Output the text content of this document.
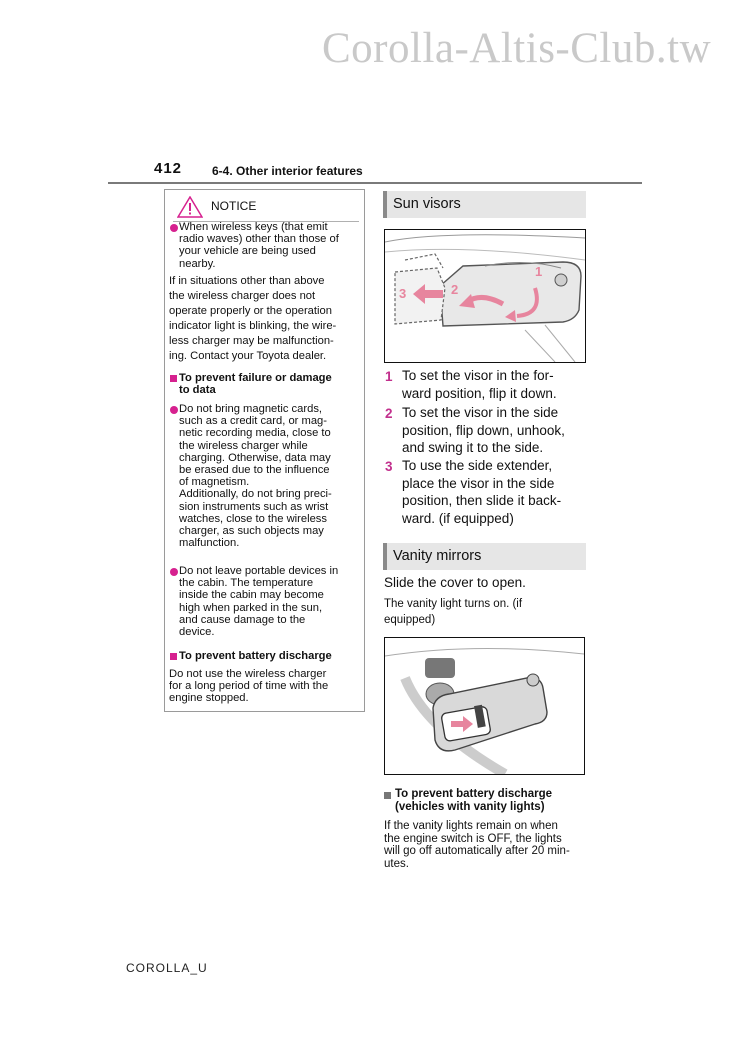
Corolla-Altis-Club.tw
412 6-4. Other interior features
NOTICE
When wireless keys (that emit
radio waves) other than those of
your vehicle are being used
nearby.
If in situations other than above
the wireless charger does not
operate properly or the operation
indicator light is blinking, the wire-
less charger may be malfunction-
ing. Contact your Toyota dealer.
To prevent failure or damage
to data
Do not bring magnetic cards,
such as a credit card, or mag-
netic recording media, close to
the wireless charger while
charging. Otherwise, data may
be erased due to the influence
of magnetism.
Additionally, do not bring preci-
sion instruments such as wrist
watches, close to the wireless
charger, as such objects may
malfunction.
Do not leave portable devices in
the cabin. The temperature
inside the cabin may become
high when parked in the sun,
and cause damage to the
device.
To prevent battery discharge
Do not use the wireless charger
for a long period of time with the
engine stopped.
Sun visors
1
2
3
1 To set the visor in the for-
ward position, flip it down.
2 To set the visor in the side
position, flip down, unhook,
and swing it to the side.
3 To use the side extender,
place the visor in the side
position, then slide it back-
ward. (if equipped)
Vanity mirrors
Slide the cover to open.
The vanity light turns on. (if
equipped)
To prevent battery discharge
(vehicles with vanity lights)
If the vanity lights remain on when
the engine switch is OFF, the lights
will go off automatically after 20 min-
utes.
COROLLA_U
